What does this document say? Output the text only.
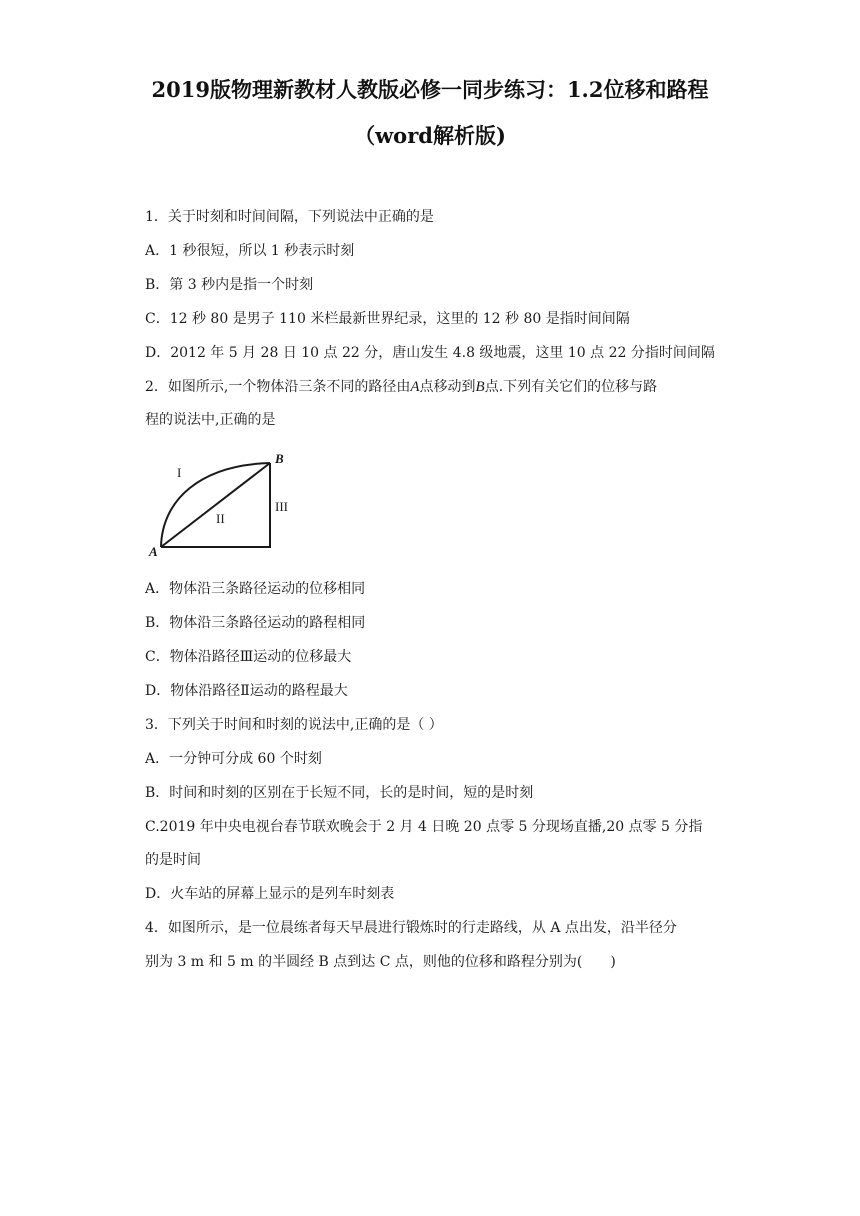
2019版物理新教材人教版必修一同步练习：1.2位移和路程
（word解析版)
1．关于时刻和时间间隔，下列说法中正确的是
A．1 秒很短，所以 1 秒表示时刻
B．第 3 秒内是指一个时刻
C．12 秒 80 是男子 110 米栏最新世界纪录，这里的 12 秒 80 是指时间间隔
D．2012 年 5 月 28 日 10 点 22 分，唐山发生 4.8 级地震，这里 10 点 22 分指时间间隔
2．如图所示,一个物体沿三条不同的路径由A点移动到B点.下列有关它们的位移与路
程的说法中,正确的是
A
B
I
II
III
A．物体沿三条路径运动的位移相同
B．物体沿三条路径运动的路程相同
C．物体沿路径Ⅲ运动的位移最大
D．物体沿路径Ⅱ运动的路程最大
3．下列关于时间和时刻的说法中,正确的是（ ）
A．一分钟可分成 60 个时刻
B．时间和时刻的区别在于长短不同，长的是时间，短的是时刻
C.2019 年中央电视台春节联欢晚会于 2 月 4 日晚 20 点零 5 分现场直播,20 点零 5 分指
的是时间
D．火车站的屏幕上显示的是列车时刻表
4．如图所示，是一位晨练者每天早晨进行锻炼时的行走路线，从 A 点出发，沿半径分
别为 3 m 和 5 m 的半圆经 B 点到达 C 点，则他的位移和路程分别为(　　)
